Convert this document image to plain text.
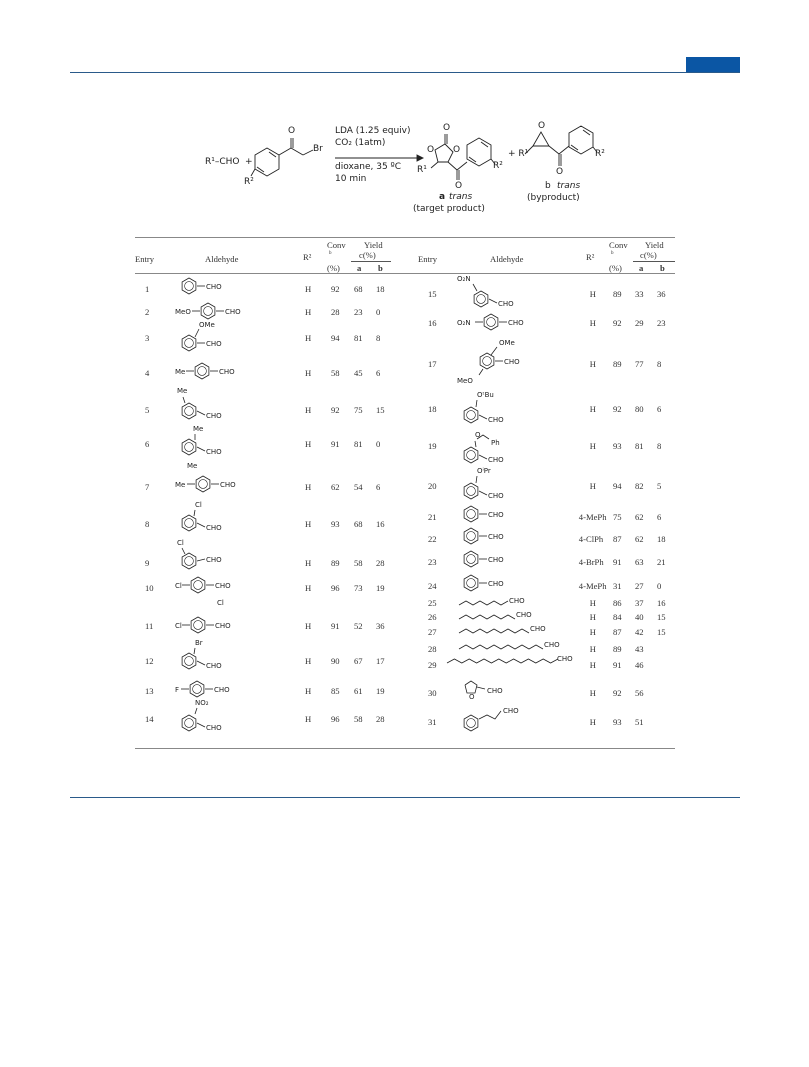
R¹–CHO +
O
Br
R²
LDA (1.25 equiv)
CO₂ (1atm)
dioxane, 35 ºC
10 min
O
O O
R¹	R²
O
a trans
(target product)
+ R¹
O
O
R²
b trans
(byproduct)
Entry	Aldehyde	R²
Conv
b
(%)
Yield
c(%)
a b
Entry	Aldehyde	R²
Conv
b
(%)
Yield
c(%)
a b
1	H 92 68 18
2	H 28 23 0
3	H 94 81 8
4	H 58 45 6
5	H 92 75 15
6	H 91 81 0
7	H 62 54 6
8	H 93 68 16
9	H 89 58 28
10	H 96 73 19
11	H 91 52 36
12	H 90 67 17
13	H 85 61 19
14	H 96 58 28
15	H 89 33 36
16	H 92 29 23
17	H 89 77 8
18	H 92 80 6
19	H 93 81 8
20	H 94 82 5
21	4-MePh 75 62 6
22	4-ClPh 87 62 18
23	4-BrPh 91 63 21
24	4-MePh 31 27 0
25	H 86 37 16
26	H 84 40 15
27	H 87 42 15
28	H 89 43
29	H 91 46
30	H 92 56
31	H 93 51
CHO
MeO	CHO
OMe
CHO
Me	CHO
Me
CHO
Me
CHO
Me
Me	CHO
Cl
CHO
Cl
CHO
Cl	CHO
Cl
Cl	CHO
Br
CHO
F	CHO
NO₂
CHO
O₂N
CHO
O₂N	CHO
OMe
CHO
MeO
OᵗBu
CHO
O
Ph
CHO
OⁱPr
CHO
CHO
CHO
CHO
CHO
CHO
CHO
CHO
CHO
CHO
O
CHO
CHO
